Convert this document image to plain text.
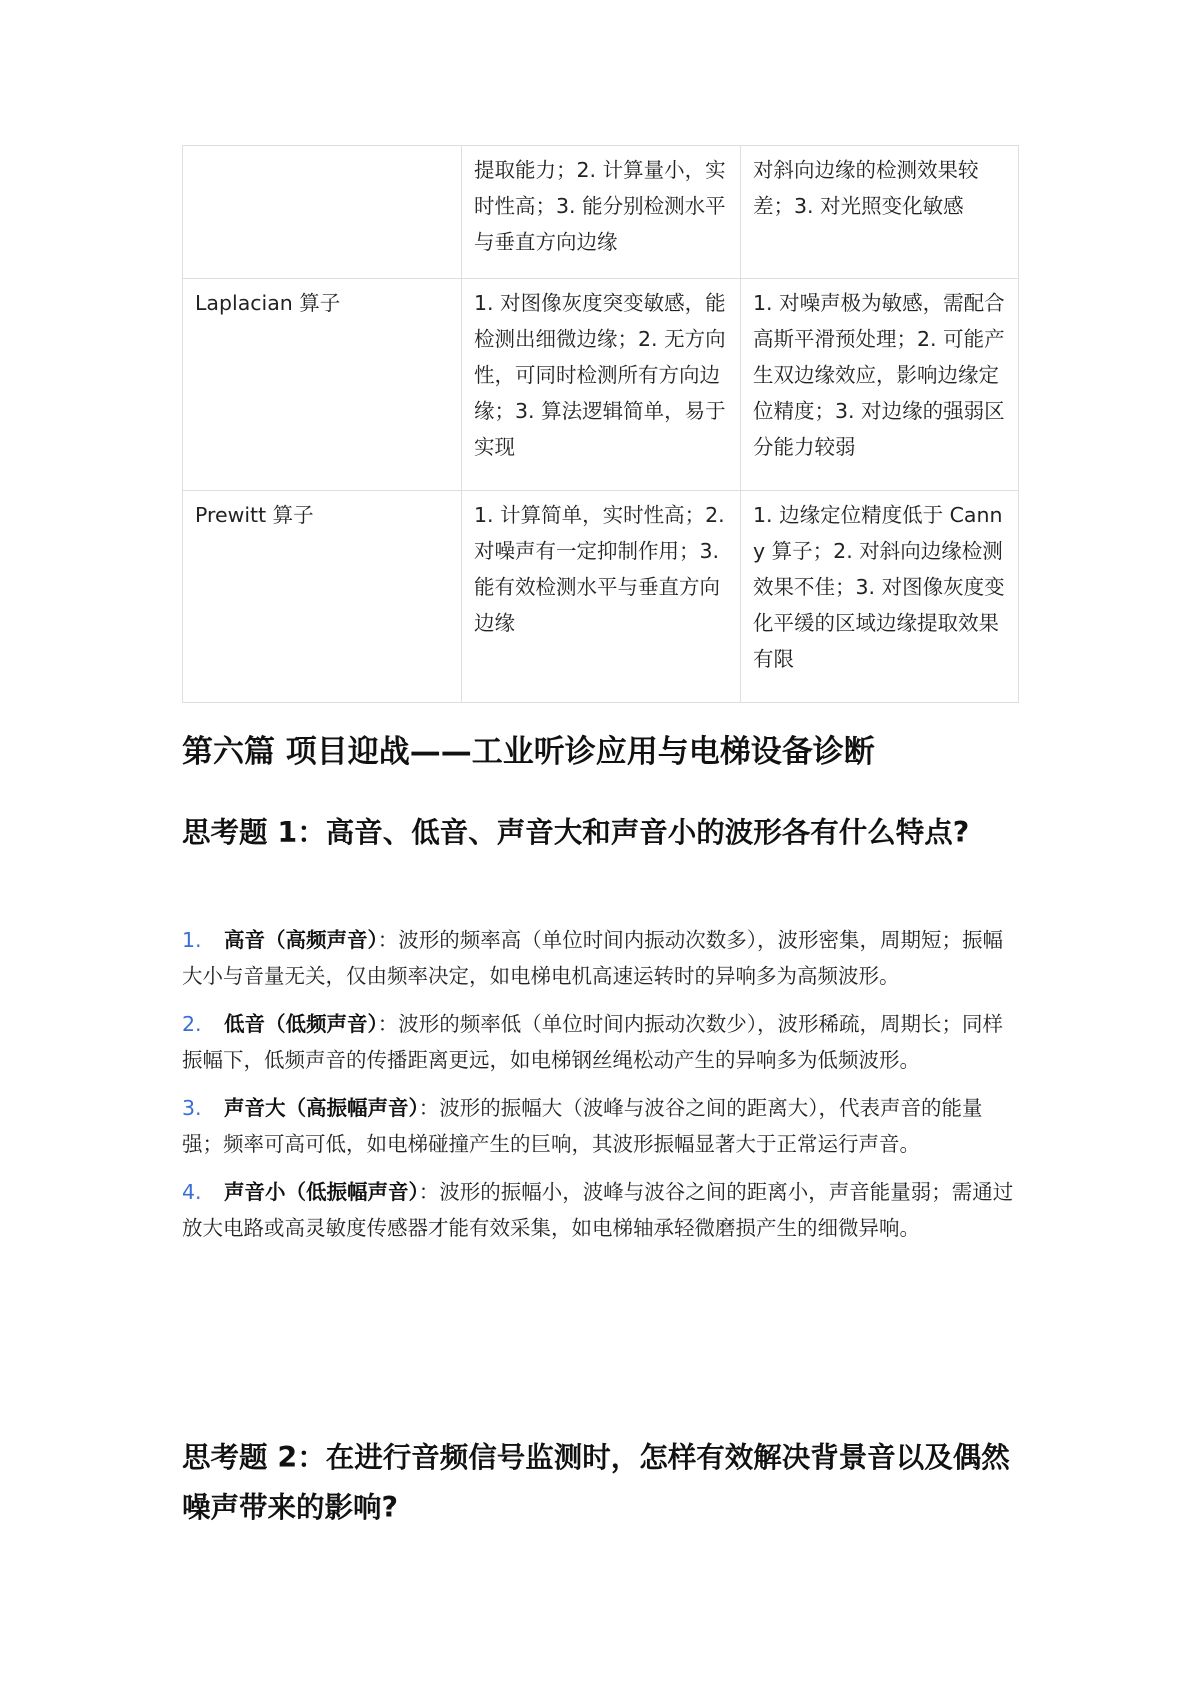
	提取能力；2. 计算量小，实时性高；3. 能分别检测水平与垂直方向边缘	对斜向边缘的检测效果较差；3. 对光照变化敏感
Laplacian 算子	1. 对图像灰度突变敏感，能检测出细微边缘；2. 无方向性，可同时检测所有方向边缘；3. 算法逻辑简单，易于实现	1. 对噪声极为敏感，需配合高斯平滑预处理；2. 可能产生双边缘效应，影响边缘定位精度；3. 对边缘的强弱区分能力较弱
Prewitt 算子	1. 计算简单，实时性高；2. 对噪声有一定抑制作用；3. 能有效检测水平与垂直方向边缘	1. 边缘定位精度低于 Canny 算子；2. 对斜向边缘检测效果不佳；3. 对图像灰度变化平缓的区域边缘提取效果有限
第六篇 项目迎战——工业听诊应用与电梯设备诊断
思考题 1：高音、低音、声音大和声音小的波形各有什么特点?
1. 高音（高频声音）：波形的频率高（单位时间内振动次数多），波形密集，周期短；振幅大小与音量无关，仅由频率决定，如电梯电机高速运转时的异响多为高频波形。
2. 低音（低频声音）：波形的频率低（单位时间内振动次数少），波形稀疏，周期长；同样振幅下，低频声音的传播距离更远，如电梯钢丝绳松动产生的异响多为低频波形。
3. 声音大（高振幅声音）：波形的振幅大（波峰与波谷之间的距离大），代表声音的能量强；频率可高可低，如电梯碰撞产生的巨响，其波形振幅显著大于正常运行声音。
4. 声音小（低振幅声音）：波形的振幅小，波峰与波谷之间的距离小，声音能量弱；需通过放大电路或高灵敏度传感器才能有效采集，如电梯轴承轻微磨损产生的细微异响。
思考题 2：在进行音频信号监测时，怎样有效解决背景音以及偶然噪声带来的影响?
